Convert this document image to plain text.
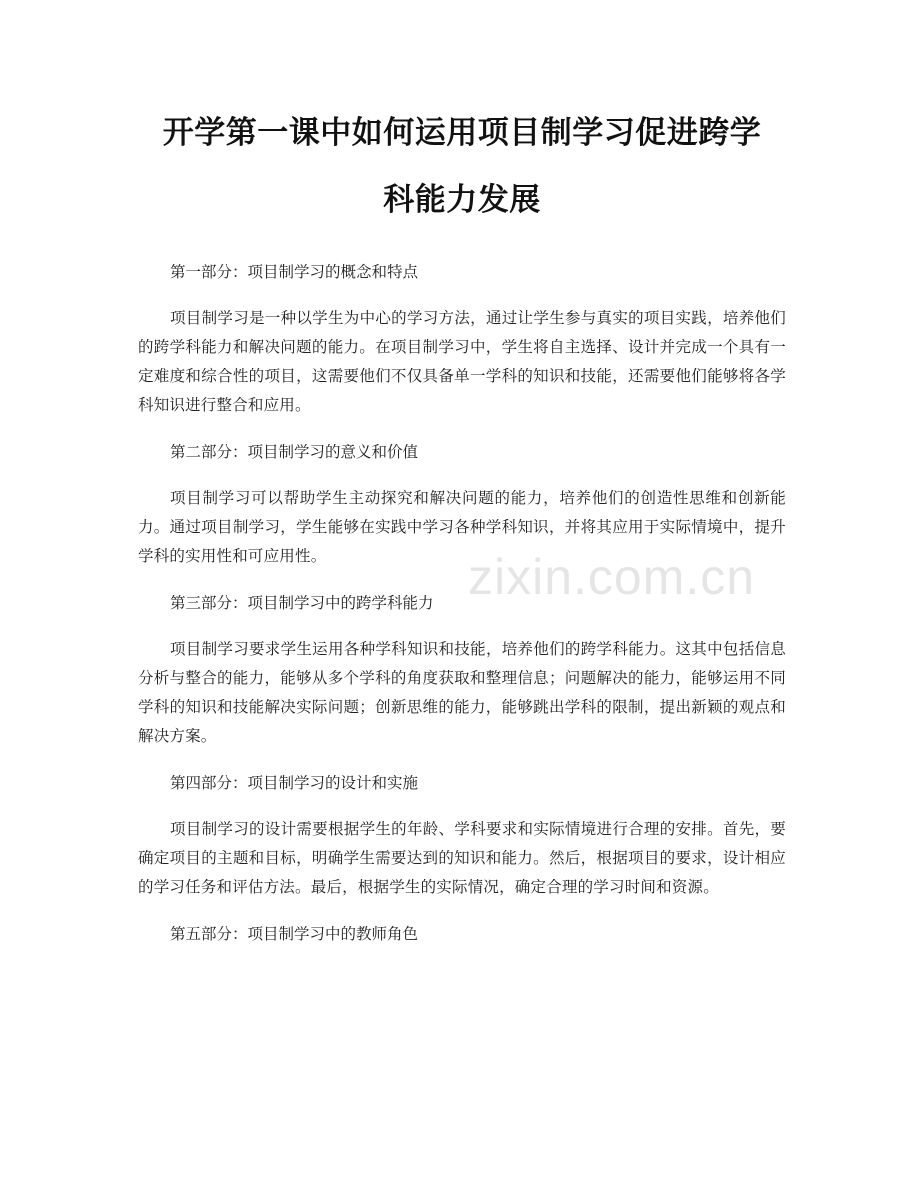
开学第一课中如何运用项目制学习促进跨学
科能力发展

第一部分：项目制学习的概念和特点

项目制学习是一种以学生为中心的学习方法，通过让学生参与真实的项目实践，培养他们的跨学科能力和解决问题的能力。在项目制学习中，学生将自主选择、设计并完成一个具有一定难度和综合性的项目，这需要他们不仅具备单一学科的知识和技能，还需要他们能够将各学科知识进行整合和应用。

第二部分：项目制学习的意义和价值

项目制学习可以帮助学生主动探究和解决问题的能力，培养他们的创造性思维和创新能力。通过项目制学习，学生能够在实践中学习各种学科知识，并将其应用于实际情境中，提升学科的实用性和可应用性。

第三部分：项目制学习中的跨学科能力

项目制学习要求学生运用各种学科知识和技能，培养他们的跨学科能力。这其中包括信息分析与整合的能力，能够从多个学科的角度获取和整理信息；问题解决的能力，能够运用不同学科的知识和技能解决实际问题；创新思维的能力，能够跳出学科的限制，提出新颖的观点和解决方案。

第四部分：项目制学习的设计和实施

项目制学习的设计需要根据学生的年龄、学科要求和实际情境进行合理的安排。首先，要确定项目的主题和目标，明确学生需要达到的知识和能力。然后，根据项目的要求，设计相应的学习任务和评估方法。最后，根据学生的实际情况，确定合理的学习时间和资源。

第五部分：项目制学习中的教师角色

zixin.com.cn
